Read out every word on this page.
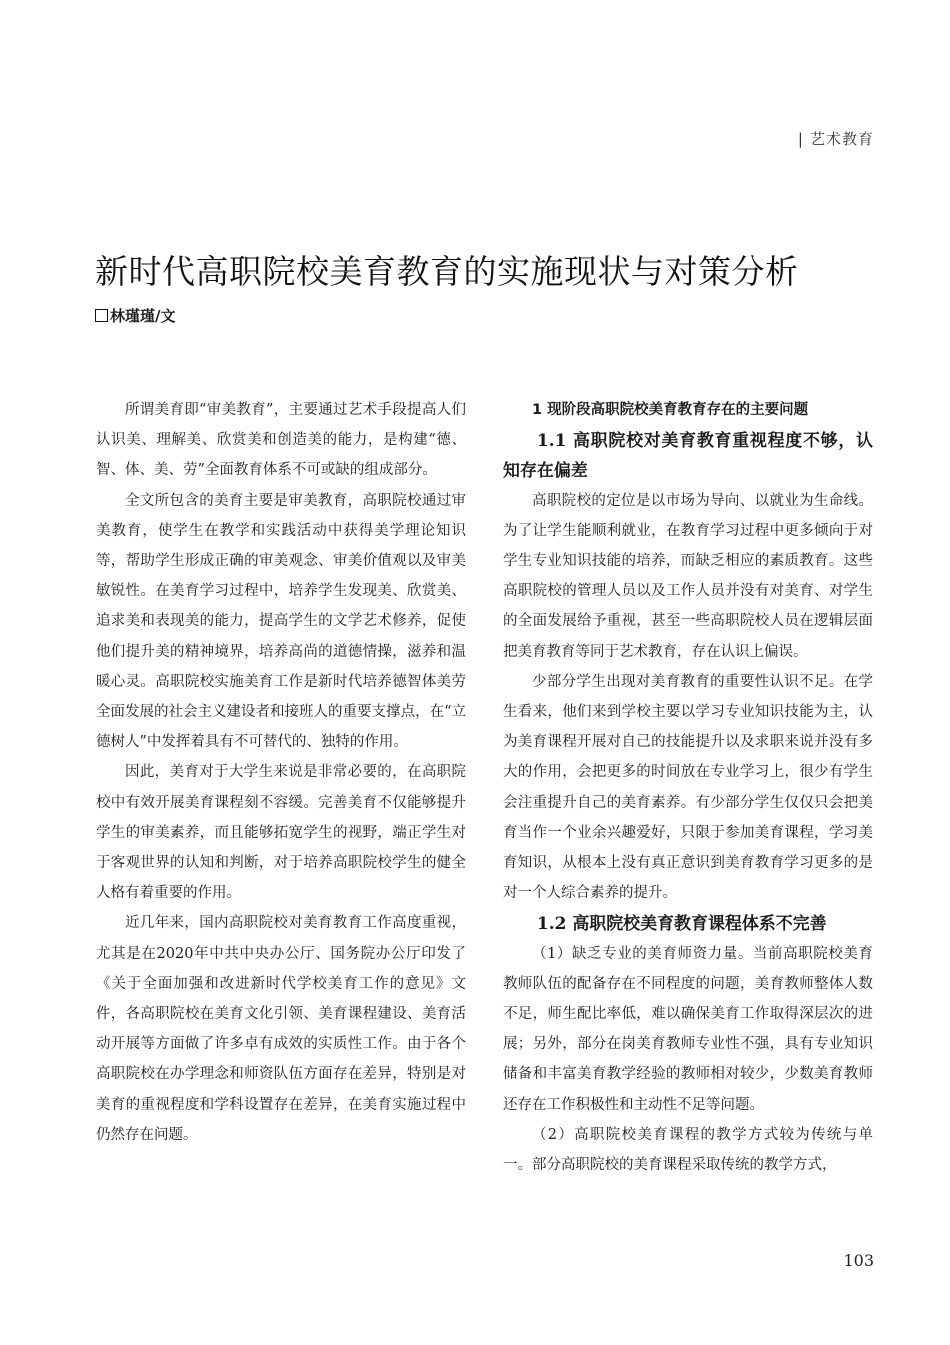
| 艺术教育
新时代高职院校美育教育的实施现状与对策分析
林瑾瑾/文

所谓美育即“审美教育”，主要通过艺术手段提高人们认识美、理解美、欣赏美和创造美的能力，是构建“德、智、体、美、劳”全面教育体系不可或缺的组成部分。

全文所包含的美育主要是审美教育，高职院校通过审美教育，使学生在教学和实践活动中获得美学理论知识等，帮助学生形成正确的审美观念、审美价值观以及审美敏锐性。在美育学习过程中，培养学生发现美、欣赏美、追求美和表现美的能力，提高学生的文学艺术修养，促使他们提升美的精神境界，培养高尚的道德情操，滋养和温暖心灵。高职院校实施美育工作是新时代培养德智体美劳全面发展的社会主义建设者和接班人的重要支撑点，在“立德树人”中发挥着具有不可替代的、独特的作用。

因此，美育对于大学生来说是非常必要的，在高职院校中有效开展美育课程刻不容缓。完善美育不仅能够提升学生的审美素养，而且能够拓宽学生的视野，端正学生对于客观世界的认知和判断，对于培养高职院校学生的健全人格有着重要的作用。

近几年来，国内高职院校对美育教育工作高度重视，尤其是在2020年中共中央办公厅、国务院办公厅印发了《关于全面加强和改进新时代学校美育工作的意见》文件，各高职院校在美育文化引领、美育课程建设、美育活动开展等方面做了许多卓有成效的实质性工作。由于各个高职院校在办学理念和师资队伍方面存在差异，特别是对美育的重视程度和学科设置存在差异，在美育实施过程中仍然存在问题。

1 现阶段高职院校美育教育存在的主要问题
1.1 高职院校对美育教育重视程度不够，认知存在偏差

高职院校的定位是以市场为导向、以就业为生命线。为了让学生能顺利就业，在教育学习过程中更多倾向于对学生专业知识技能的培养，而缺乏相应的素质教育。这些高职院校的管理人员以及工作人员并没有对美育、对学生的全面发展给予重视，甚至一些高职院校人员在逻辑层面把美育教育等同于艺术教育，存在认识上偏误。

少部分学生出现对美育教育的重要性认识不足。在学生看来，他们来到学校主要以学习专业知识技能为主，认为美育课程开展对自己的技能提升以及求职来说并没有多大的作用，会把更多的时间放在专业学习上，很少有学生会注重提升自己的美育素养。有少部分学生仅仅只会把美育当作一个业余兴趣爱好，只限于参加美育课程，学习美育知识，从根本上没有真正意识到美育教育学习更多的是对一个人综合素养的提升。

1.2 高职院校美育教育课程体系不完善

（1）缺乏专业的美育师资力量。当前高职院校美育教师队伍的配备存在不同程度的问题，美育教师整体人数不足，师生配比率低，难以确保美育工作取得深层次的进展；另外，部分在岗美育教师专业性不强，具有专业知识储备和丰富美育教学经验的教师相对较少，少数美育教师还存在工作积极性和主动性不足等问题。

（2）高职院校美育课程的教学方式较为传统与单一。部分高职院校的美育课程采取传统的教学方式，

103
